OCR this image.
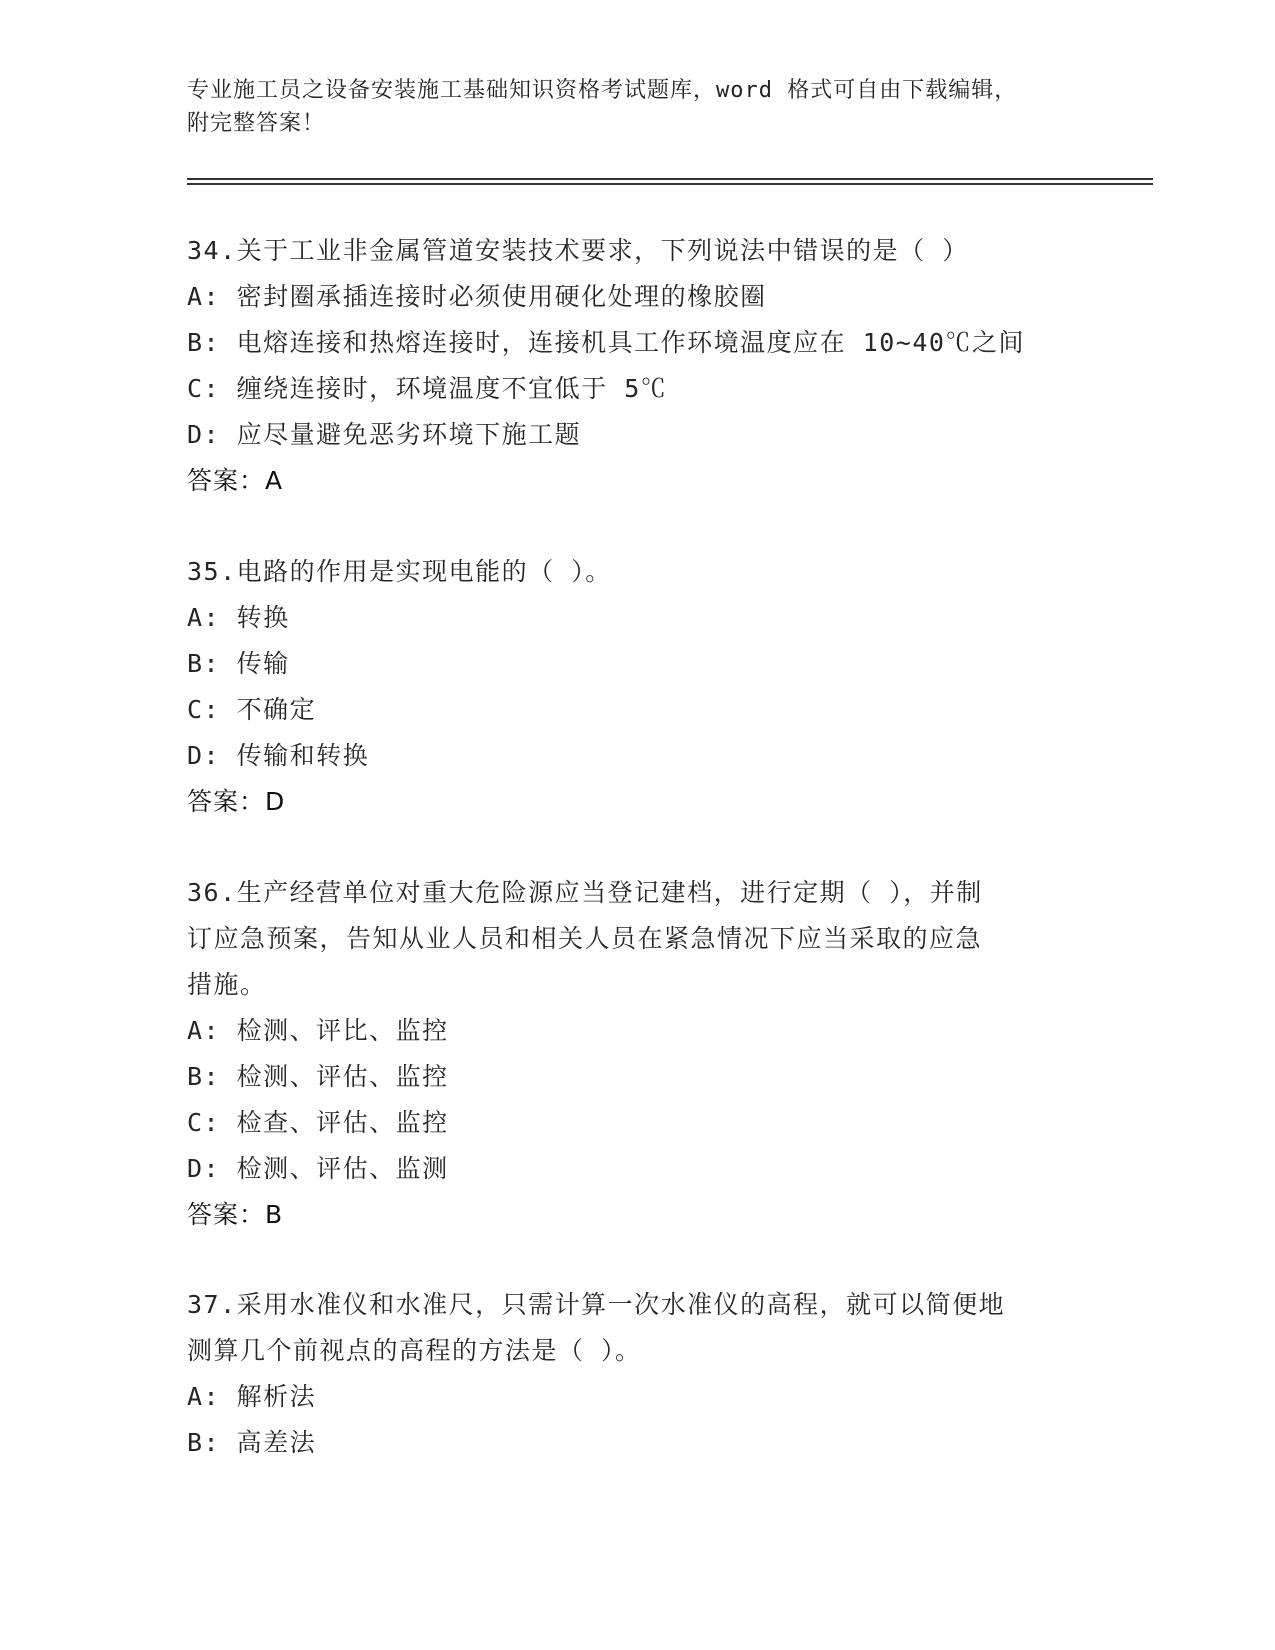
专业施工员之设备安装施工基础知识资格考试题库，word 格式可自由下载编辑，
附完整答案！
34.关于工业非金属管道安装技术要求，下列说法中错误的是（ ）
A: 密封圈承插连接时必须使用硬化处理的橡胶圈
B: 电熔连接和热熔连接时，连接机具工作环境温度应在 10~40℃之间
C: 缠绕连接时，环境温度不宜低于 5℃
D: 应尽量避免恶劣环境下施工题
答案：A
35.电路的作用是实现电能的（ ）。
A: 转换
B: 传输
C: 不确定
D: 传输和转换
答案：D
36.生产经营单位对重大危险源应当登记建档，进行定期（ ），并制
订应急预案，告知从业人员和相关人员在紧急情况下应当采取的应急
措施。
A: 检测、评比、监控
B: 检测、评估、监控
C: 检查、评估、监控
D: 检测、评估、监测
答案：B
37.采用水准仪和水准尺，只需计算一次水准仪的高程，就可以简便地
测算几个前视点的高程的方法是（ ）。
A: 解析法
B: 高差法
